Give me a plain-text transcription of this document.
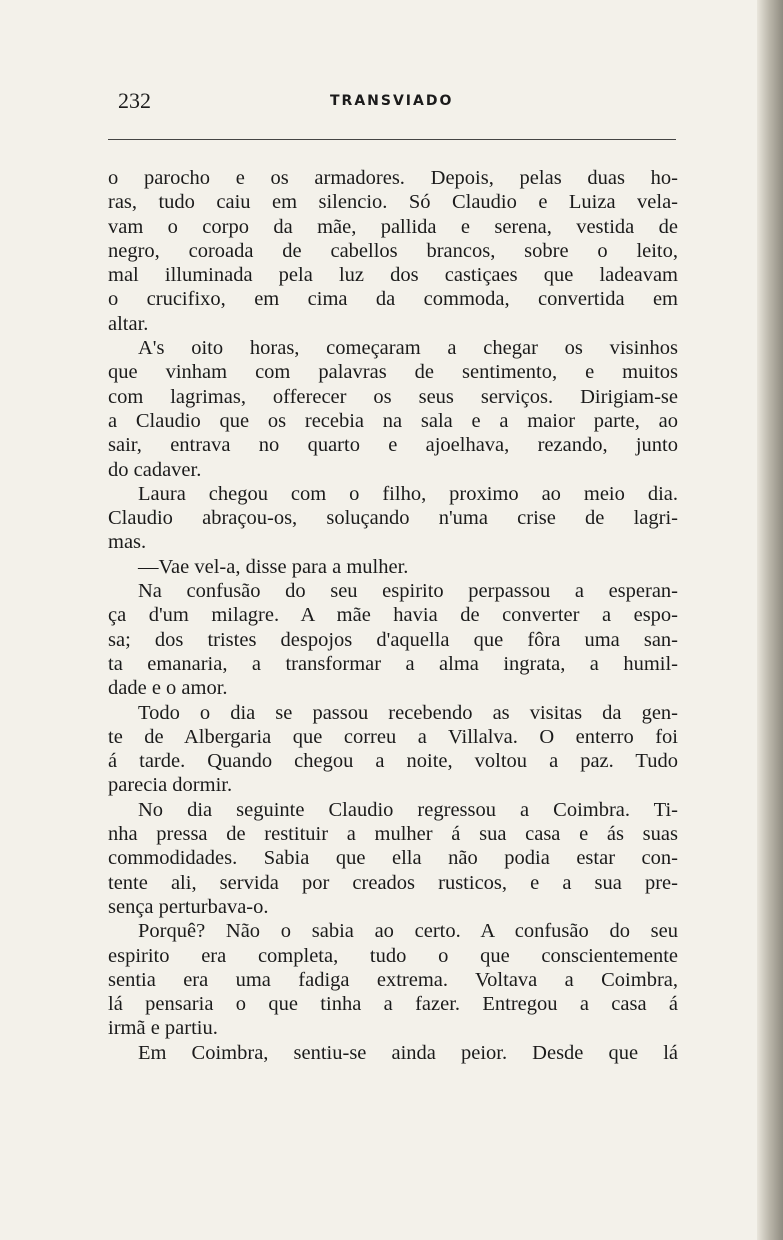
232	TRANSVIADO
o parocho e os armadores. Depois, pelas duas ho-
ras, tudo caiu em silencio. Só Claudio e Luiza vela-
vam o corpo da mãe, pallida e serena, vestida de
negro, coroada de cabellos brancos, sobre o leito,
mal illuminada pela luz dos castiçaes que ladeavam
o crucifixo, em cima da commoda, convertida em
altar.
A's oito horas, começaram a chegar os visinhos
que vinham com palavras de sentimento, e muitos
com lagrimas, offerecer os seus serviços. Dirigiam-se
a Claudio que os recebia na sala e a maior parte, ao
sair, entrava no quarto e ajoelhava, rezando, junto
do cadaver.
Laura chegou com o filho, proximo ao meio dia.
Claudio abraçou-os, soluçando n'uma crise de lagri-
mas.
—Vae vel-a, disse para a mulher.
Na confusão do seu espirito perpassou a esperan-
ça d'um milagre. A mãe havia de converter a espo-
sa; dos tristes despojos d'aquella que fôra uma san-
ta emanaria, a transformar a alma ingrata, a humil-
dade e o amor.
Todo o dia se passou recebendo as visitas da gen-
te de Albergaria que correu a Villalva. O enterro foi
á tarde. Quando chegou a noite, voltou a paz. Tudo
parecia dormir.
No dia seguinte Claudio regressou a Coimbra. Ti-
nha pressa de restituir a mulher á sua casa e ás suas
commodidades. Sabia que ella não podia estar con-
tente ali, servida por creados rusticos, e a sua pre-
sença perturbava-o.
Porquê? Não o sabia ao certo. A confusão do seu
espirito era completa, tudo o que conscientemente
sentia era uma fadiga extrema. Voltava a Coimbra,
lá pensaria o que tinha a fazer. Entregou a casa á
irmã e partiu.
Em Coimbra, sentiu-se ainda peior. Desde que lá
